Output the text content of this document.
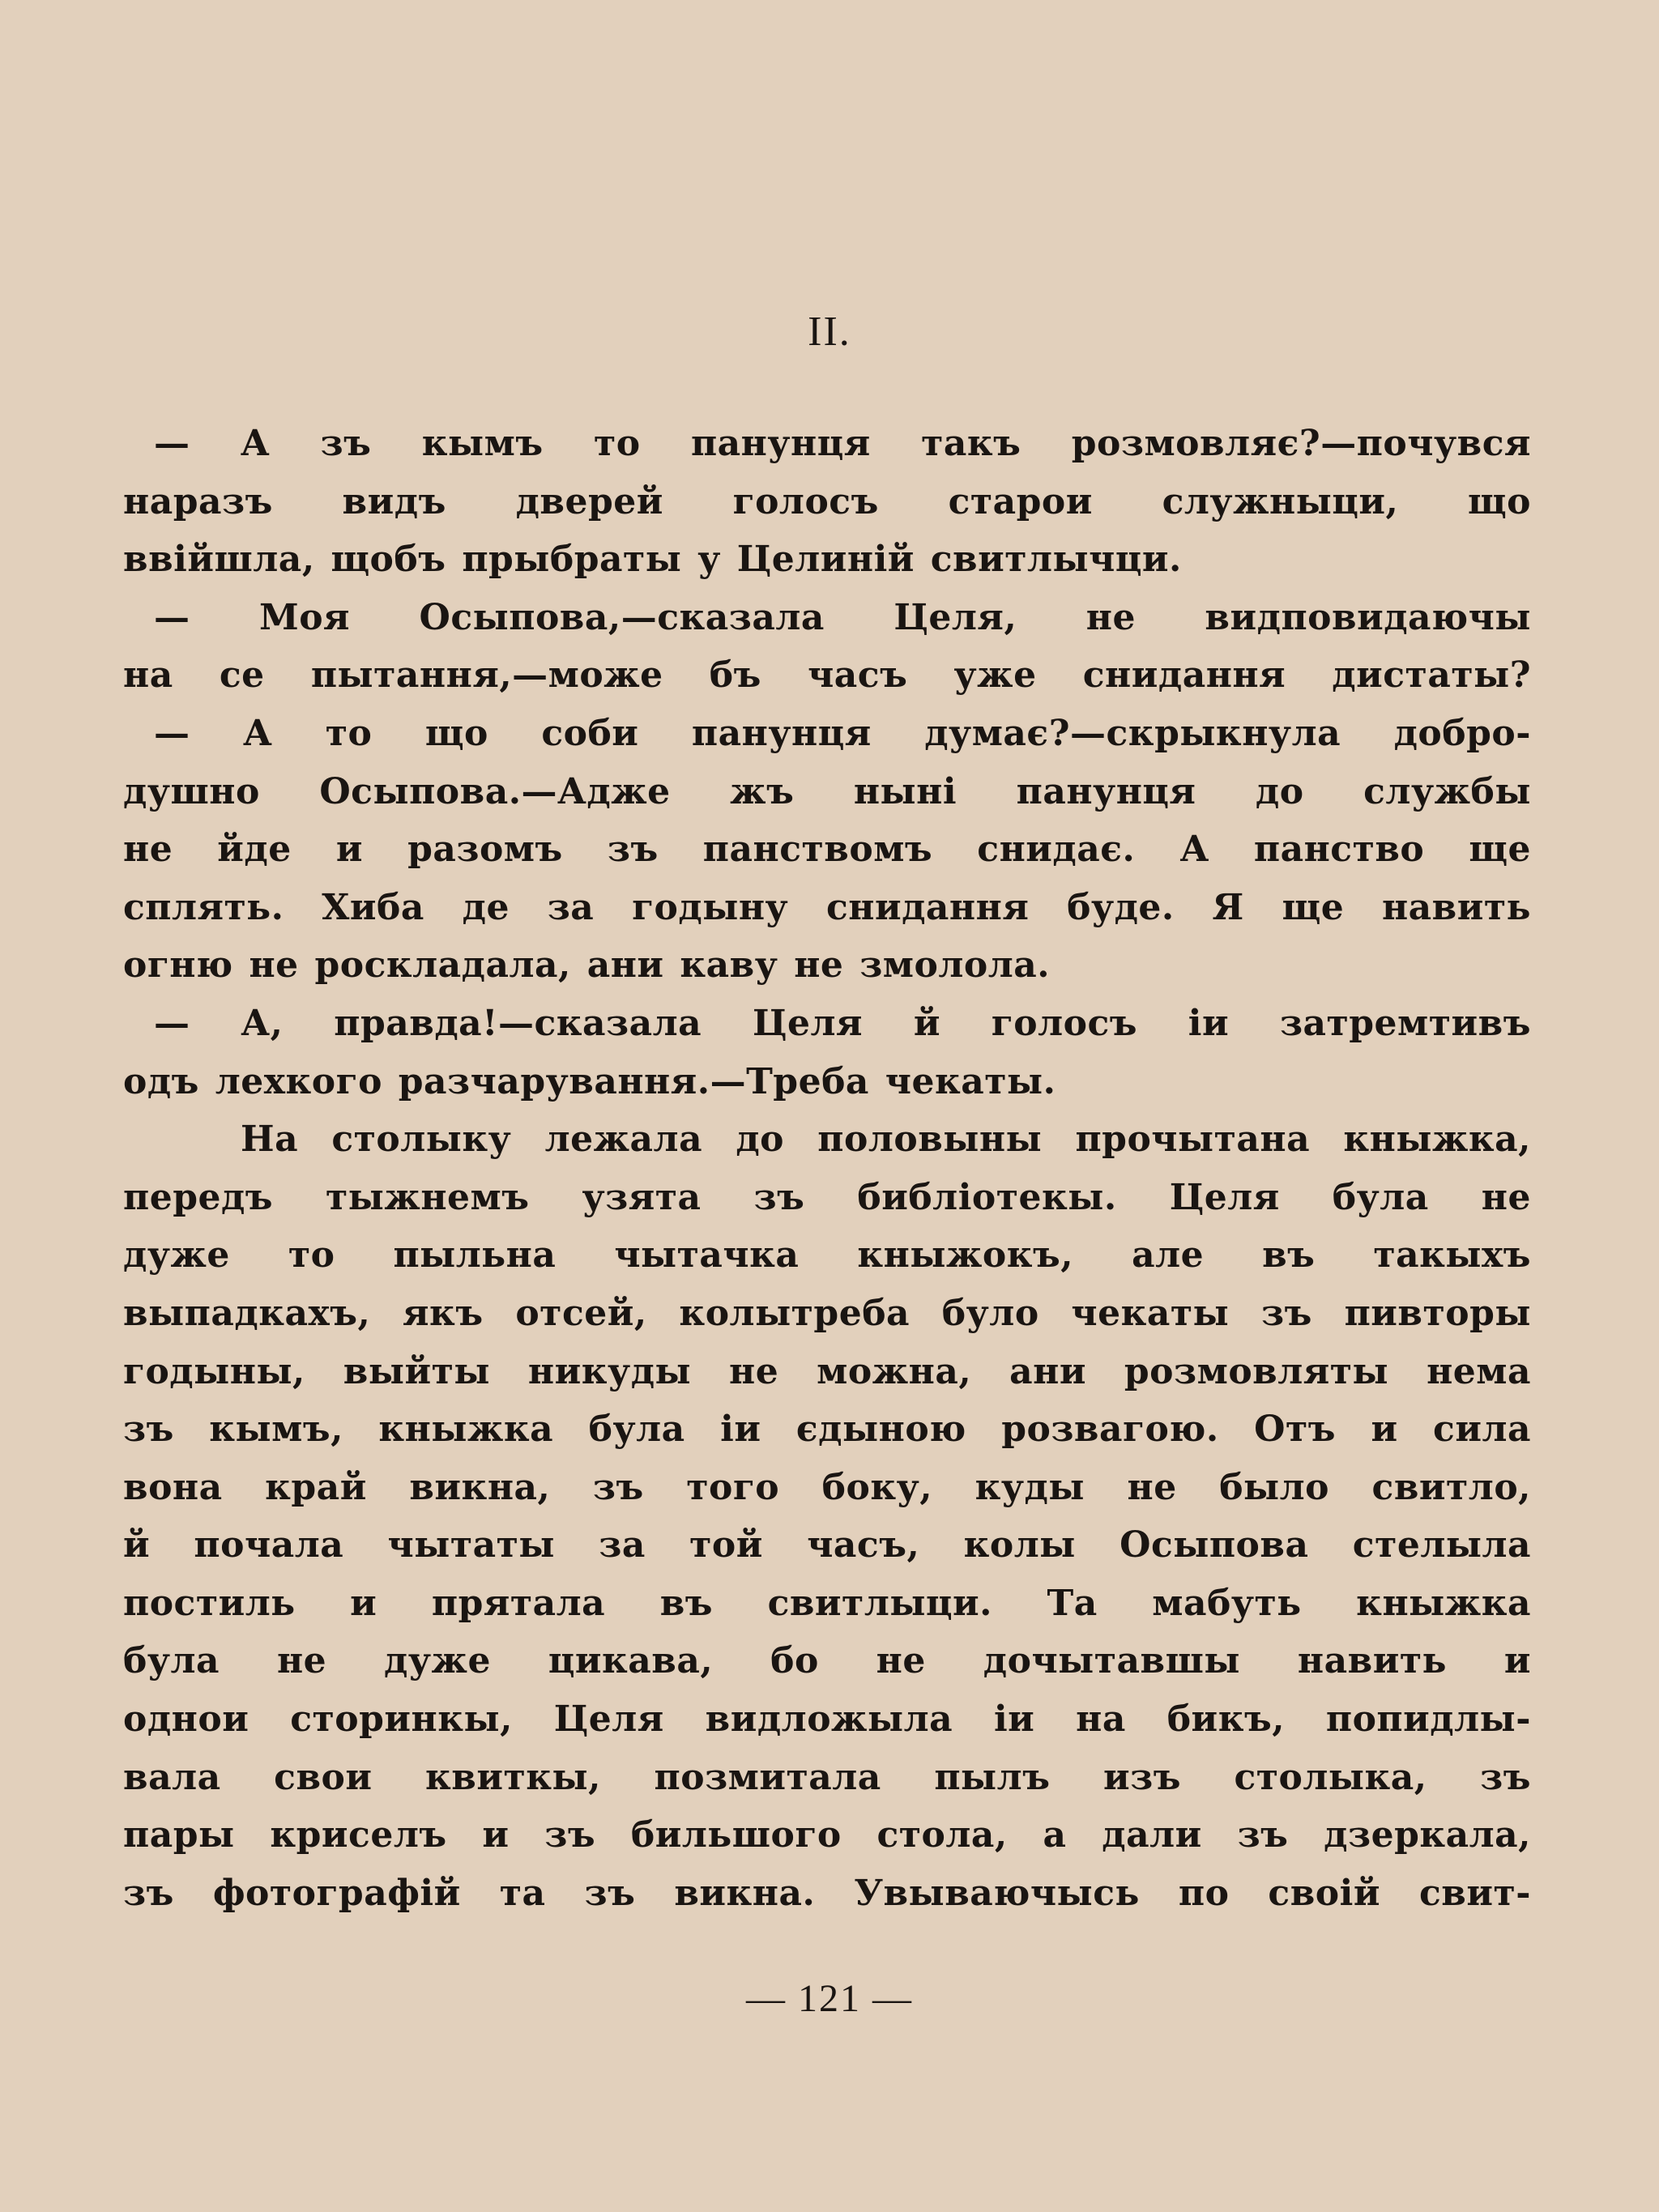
II.
— А зъ кымъ то панунця такъ розмовляє?—почувся
наразъ видъ дверей голосъ старои служныци, що
ввійшла, щобъ прыбраты у Целиній свитлычци.
— Моя Осыпова,—сказала Целя, не видповидаючы
на се пытання,—може бъ часъ уже снидання дистаты?
— А то що соби панунця думає?—скрыкнула добро-
душно Осыпова.—Адже жъ нынi панунця до службы
не йде и разомъ зъ панствомъ снидає. А панство ще
сплять. Хиба де за годыну снидання буде. Я ще навить
огню не роскладала, ани каву не змолола.
— А, правда!—сказала Целя й голосъ іи затремтивъ
одъ лехкого разчарування.—Треба чекаты.
На столыку лежала до половыны прочытана кныжка,
передъ тыжнемъ узята зъ библіотекы. Целя була не
дуже то пыльна чытачка кныжокъ, але въ такыхъ
выпадкахъ, якъ отсей, колытреба було чекаты зъ пивторы
годыны, выйты никуды не можна, ани розмовляты нема
зъ кымъ, кныжка була іи єдыною розвагою. Отъ и сила
вона край викна, зъ того боку, куды не было свитло,
й почала чытаты за той часъ, колы Осыпова стелыла
постиль и прятала въ свитлыци. Та мабуть кныжка
була не дуже цикава, бо не дочытавшы навить и
однои сторинкы, Целя видложыла іи на бикъ, попидлы-
вала свои квиткы, позмитала пылъ изъ столыка, зъ
пары криселъ и зъ бильшого стола, а дали зъ дзеркала,
зъ фотографій та зъ викна. Увываючысь по своій свит-
— 121 —
